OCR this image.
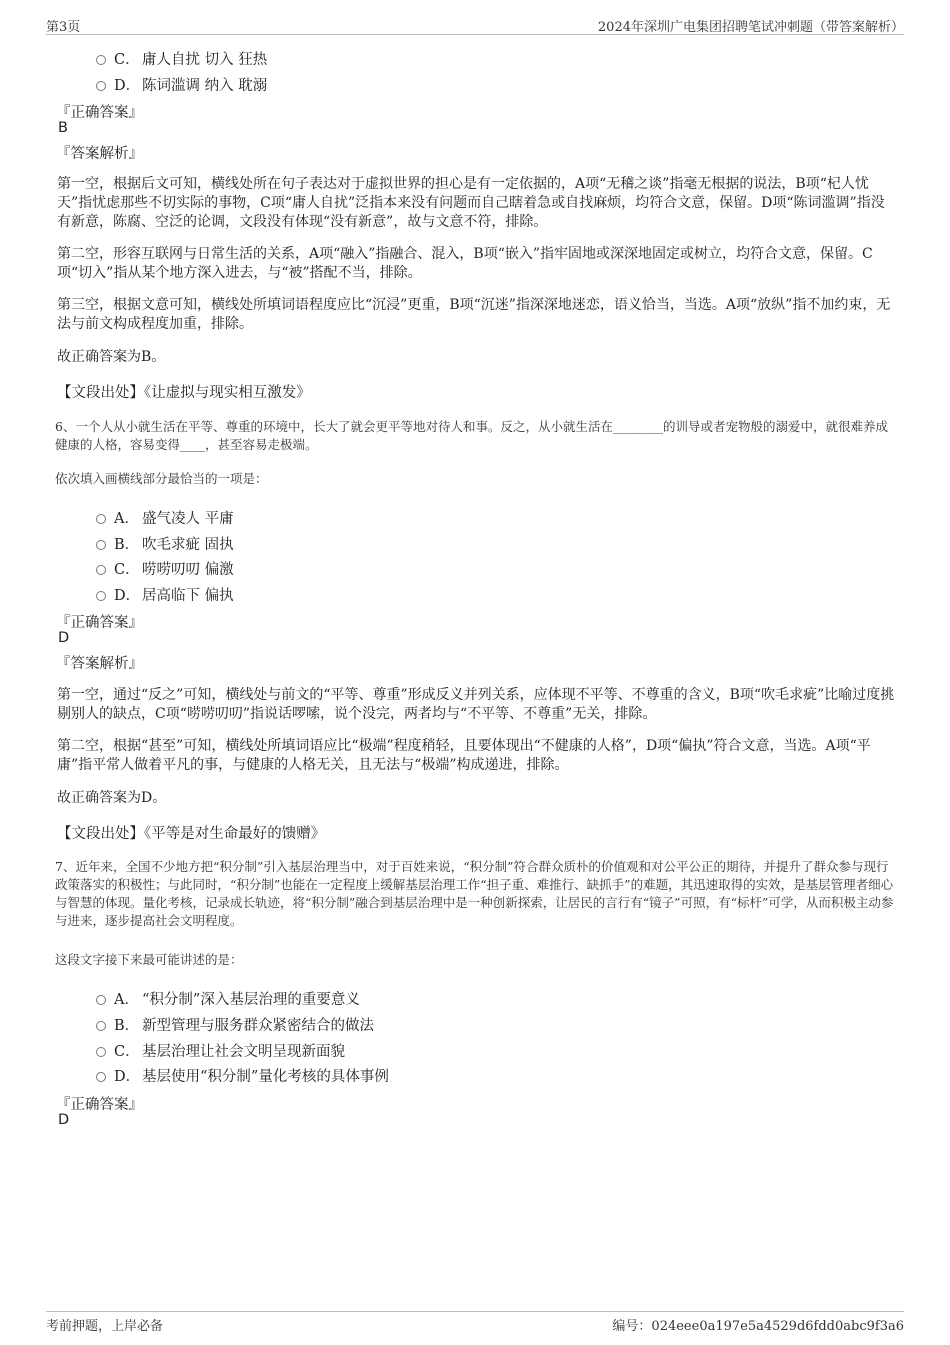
第3页	2024年深圳广电集团招聘笔试冲刺题（带答案解析）
C． 庸人自扰 切入 狂热
D． 陈词滥调 纳入 耽溺
『正确答案』
B
『答案解析』
第一空，根据后文可知，横线处所在句子表达对于虚拟世界的担心是有一定依据的，A项“无稽之谈”指毫无根据的说法，B项“杞人忧天”指忧虑那些不切实际的事物，C项“庸人自扰”泛指本来没有问题而自己瞎着急或自找麻烦，均符合文意，保留。D项“陈词滥调”指没有新意，陈腐、空泛的论调，文段没有体现“没有新意”，故与文意不符，排除。
第二空，形容互联网与日常生活的关系，A项“融入”指融合、混入，B项“嵌入”指牢固地或深深地固定或树立，均符合文意，保留。C项“切入”指从某个地方深入进去，与“被”搭配不当，排除。
第三空，根据文意可知，横线处所填词语程度应比“沉浸”更重，B项“沉迷”指深深地迷恋，语义恰当，当选。A项“放纵”指不加约束，无法与前文构成程度加重，排除。
故正确答案为B。
【文段出处】《让虚拟与现实相互激发》
6、一个人从小就生活在平等、尊重的环境中，长大了就会更平等地对待人和事。反之，从小就生活在________的训导或者宠物般的溺爱中，就很难养成健康的人格，容易变得____，甚至容易走极端。
依次填入画横线部分最恰当的一项是：
A． 盛气凌人 平庸
B． 吹毛求疵 固执
C． 唠唠叨叨 偏激
D． 居高临下 偏执
『正确答案』
D
『答案解析』
第一空，通过“反之”可知，横线处与前文的“平等、尊重”形成反义并列关系，应体现不平等、不尊重的含义，B项“吹毛求疵”比喻过度挑剔别人的缺点，C项“唠唠叨叨”指说话啰嗦，说个没完，两者均与“不平等、不尊重”无关，排除。
第二空，根据“甚至”可知，横线处所填词语应比“极端”程度稍轻，且要体现出“不健康的人格”，D项“偏执”符合文意，当选。A项“平庸”指平常人做着平凡的事，与健康的人格无关，且无法与“极端”构成递进，排除。
故正确答案为D。
【文段出处】《平等是对生命最好的馈赠》
7、近年来，全国不少地方把“积分制”引入基层治理当中，对于百姓来说，“积分制”符合群众质朴的价值观和对公平公正的期待，并提升了群众参与现行政策落实的积极性；与此同时，“积分制”也能在一定程度上缓解基层治理工作“担子重、难推行、缺抓手”的难题，其迅速取得的实效，是基层管理者细心与智慧的体现。量化考核，记录成长轨迹，将“积分制”融合到基层治理中是一种创新探索，让居民的言行有“镜子”可照，有“标杆”可学，从而积极主动参与进来，逐步提高社会文明程度。
这段文字接下来最可能讲述的是：
A． “积分制”深入基层治理的重要意义
B． 新型管理与服务群众紧密结合的做法
C． 基层治理让社会文明呈现新面貌
D． 基层使用“积分制”量化考核的具体事例
『正确答案』
D
考前押题，上岸必备	编号：024eee0a197e5a4529d6fdd0abc9f3a6
